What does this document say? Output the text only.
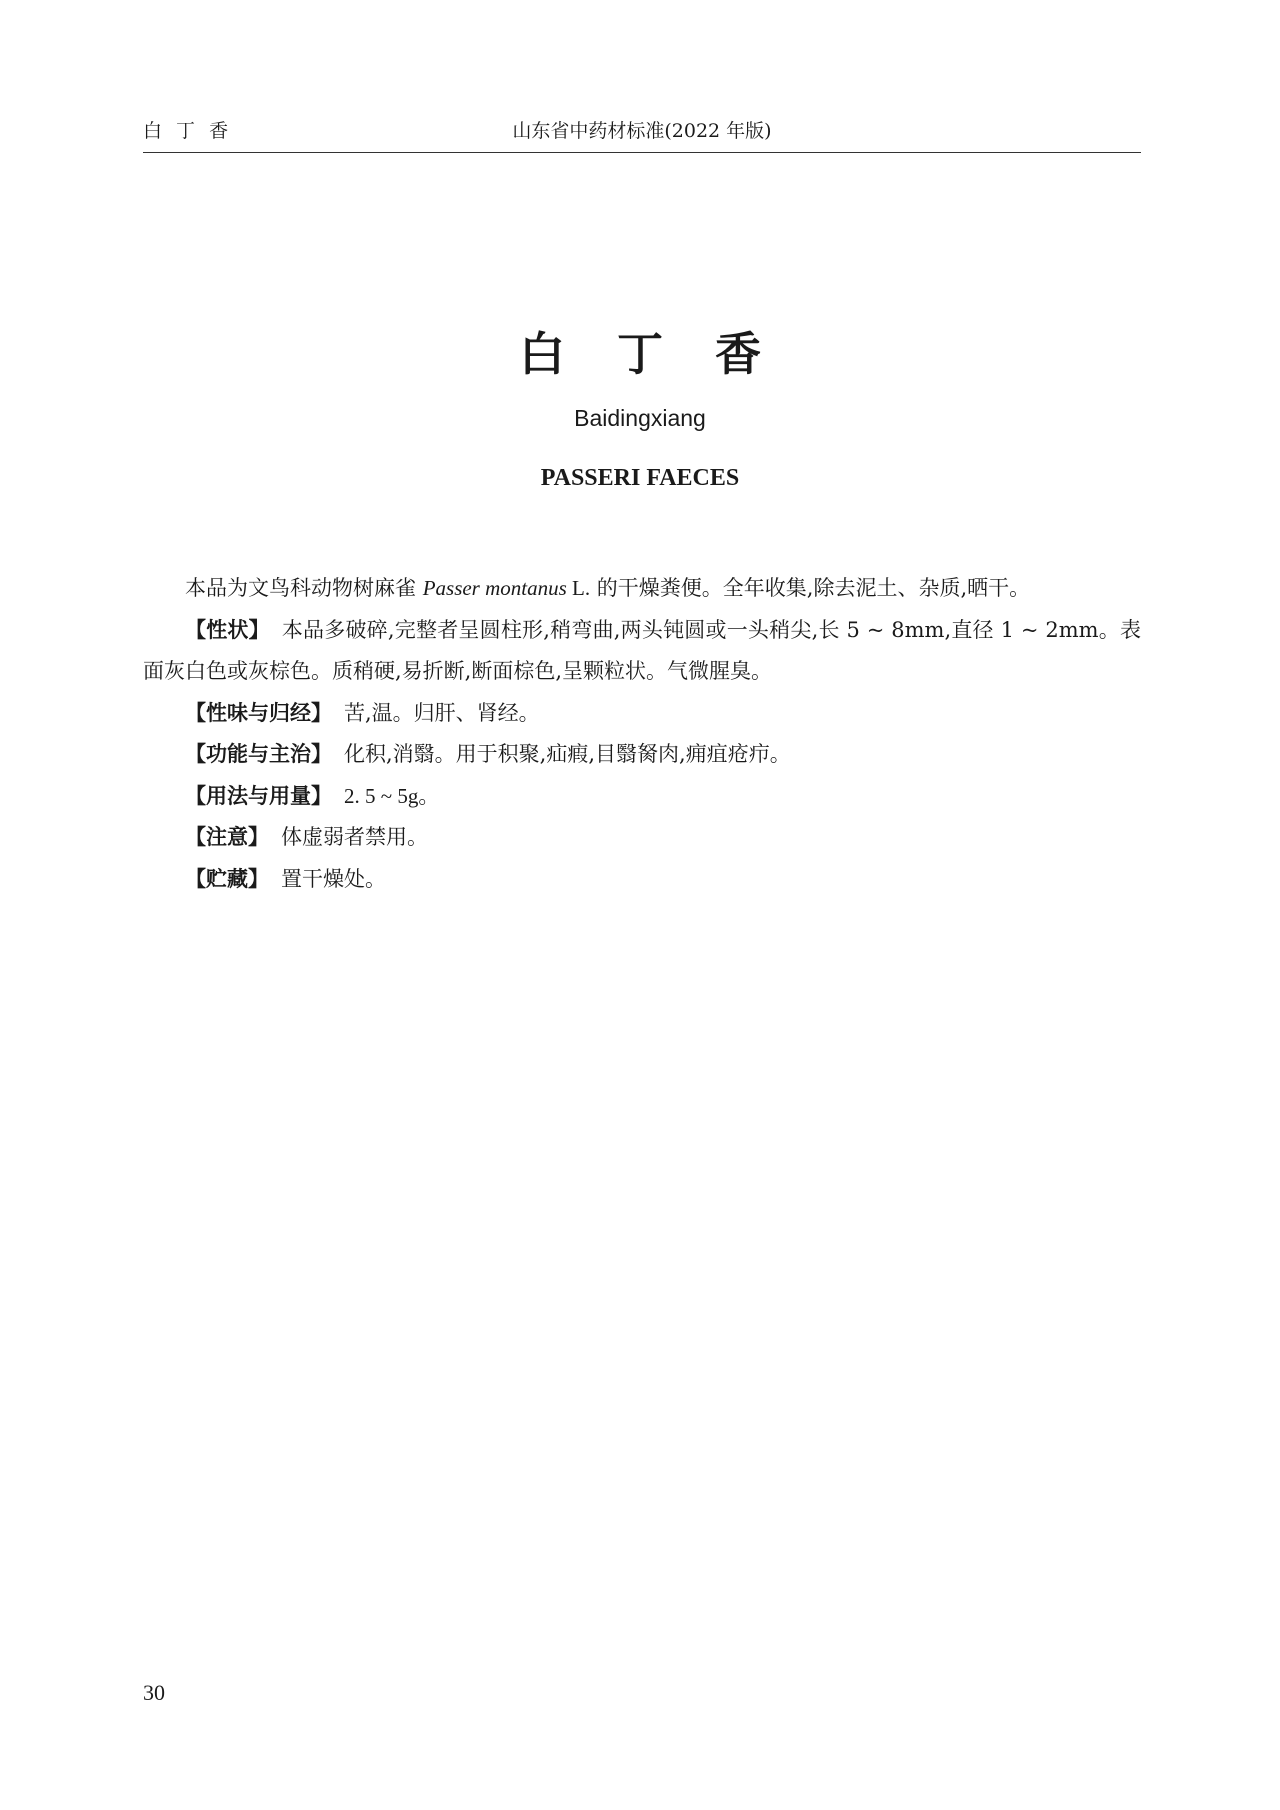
白 丁 香	山东省中药材标准(2022 年版)
白 丁 香
Baidingxiang
PASSERI FAECES

本品为文鸟科动物树麻雀 Passer montanus L. 的干燥粪便。全年收集,除去泥土、杂质,晒干。

【性状】 本品多破碎,完整者呈圆柱形,稍弯曲,两头钝圆或一头稍尖,长 5 ~ 8mm,直径 1 ~ 2mm。表面灰白色或灰棕色。质稍硬,易折断,断面棕色,呈颗粒状。气微腥臭。

【性味与归经】 苦,温。归肝、肾经。

【功能与主治】 化积,消翳。用于积聚,疝瘕,目翳胬肉,痈疽疮疖。

【用法与用量】 2. 5 ~ 5g。

【注意】 体虚弱者禁用。

【贮藏】 置干燥处。

30
